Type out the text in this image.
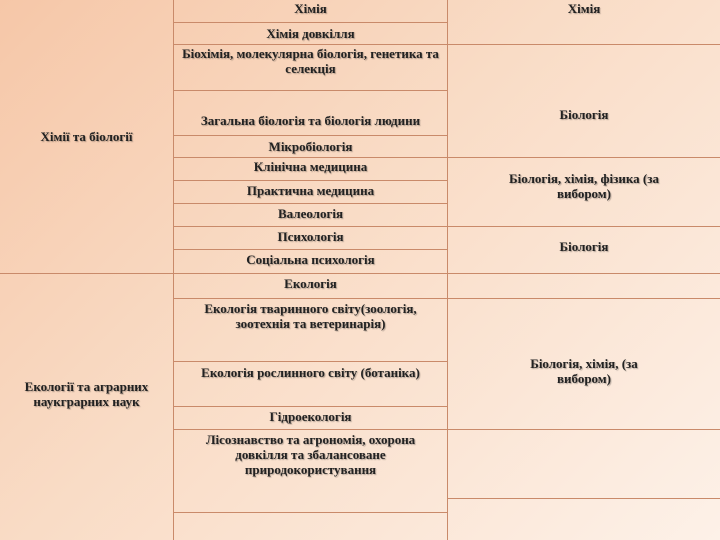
Хімії та біології
Екології та аграрних наукграрних наук
Хімія
Хімія довкілля
Біохімія, молекулярна біологія, генетика та селекція
Загальна біологія та біологія людини
Мікробіологія
Клінічна медицина
Практична медицина
Валеологія
Психологія
Соціальна психологія
Екологія
Екологія тваринного світу(зоологія, зоотехнія та ветеринарія)
Екологія рослинного світу (ботаніка)
Гідроекологія
Лісознавство та агрономія, охорона довкілля та збалансоване природокористування
Хімія
Біологія
Біологія, хімія, фізика (за вибором)
Біологія
Біологія, хімія, (за вибором)
